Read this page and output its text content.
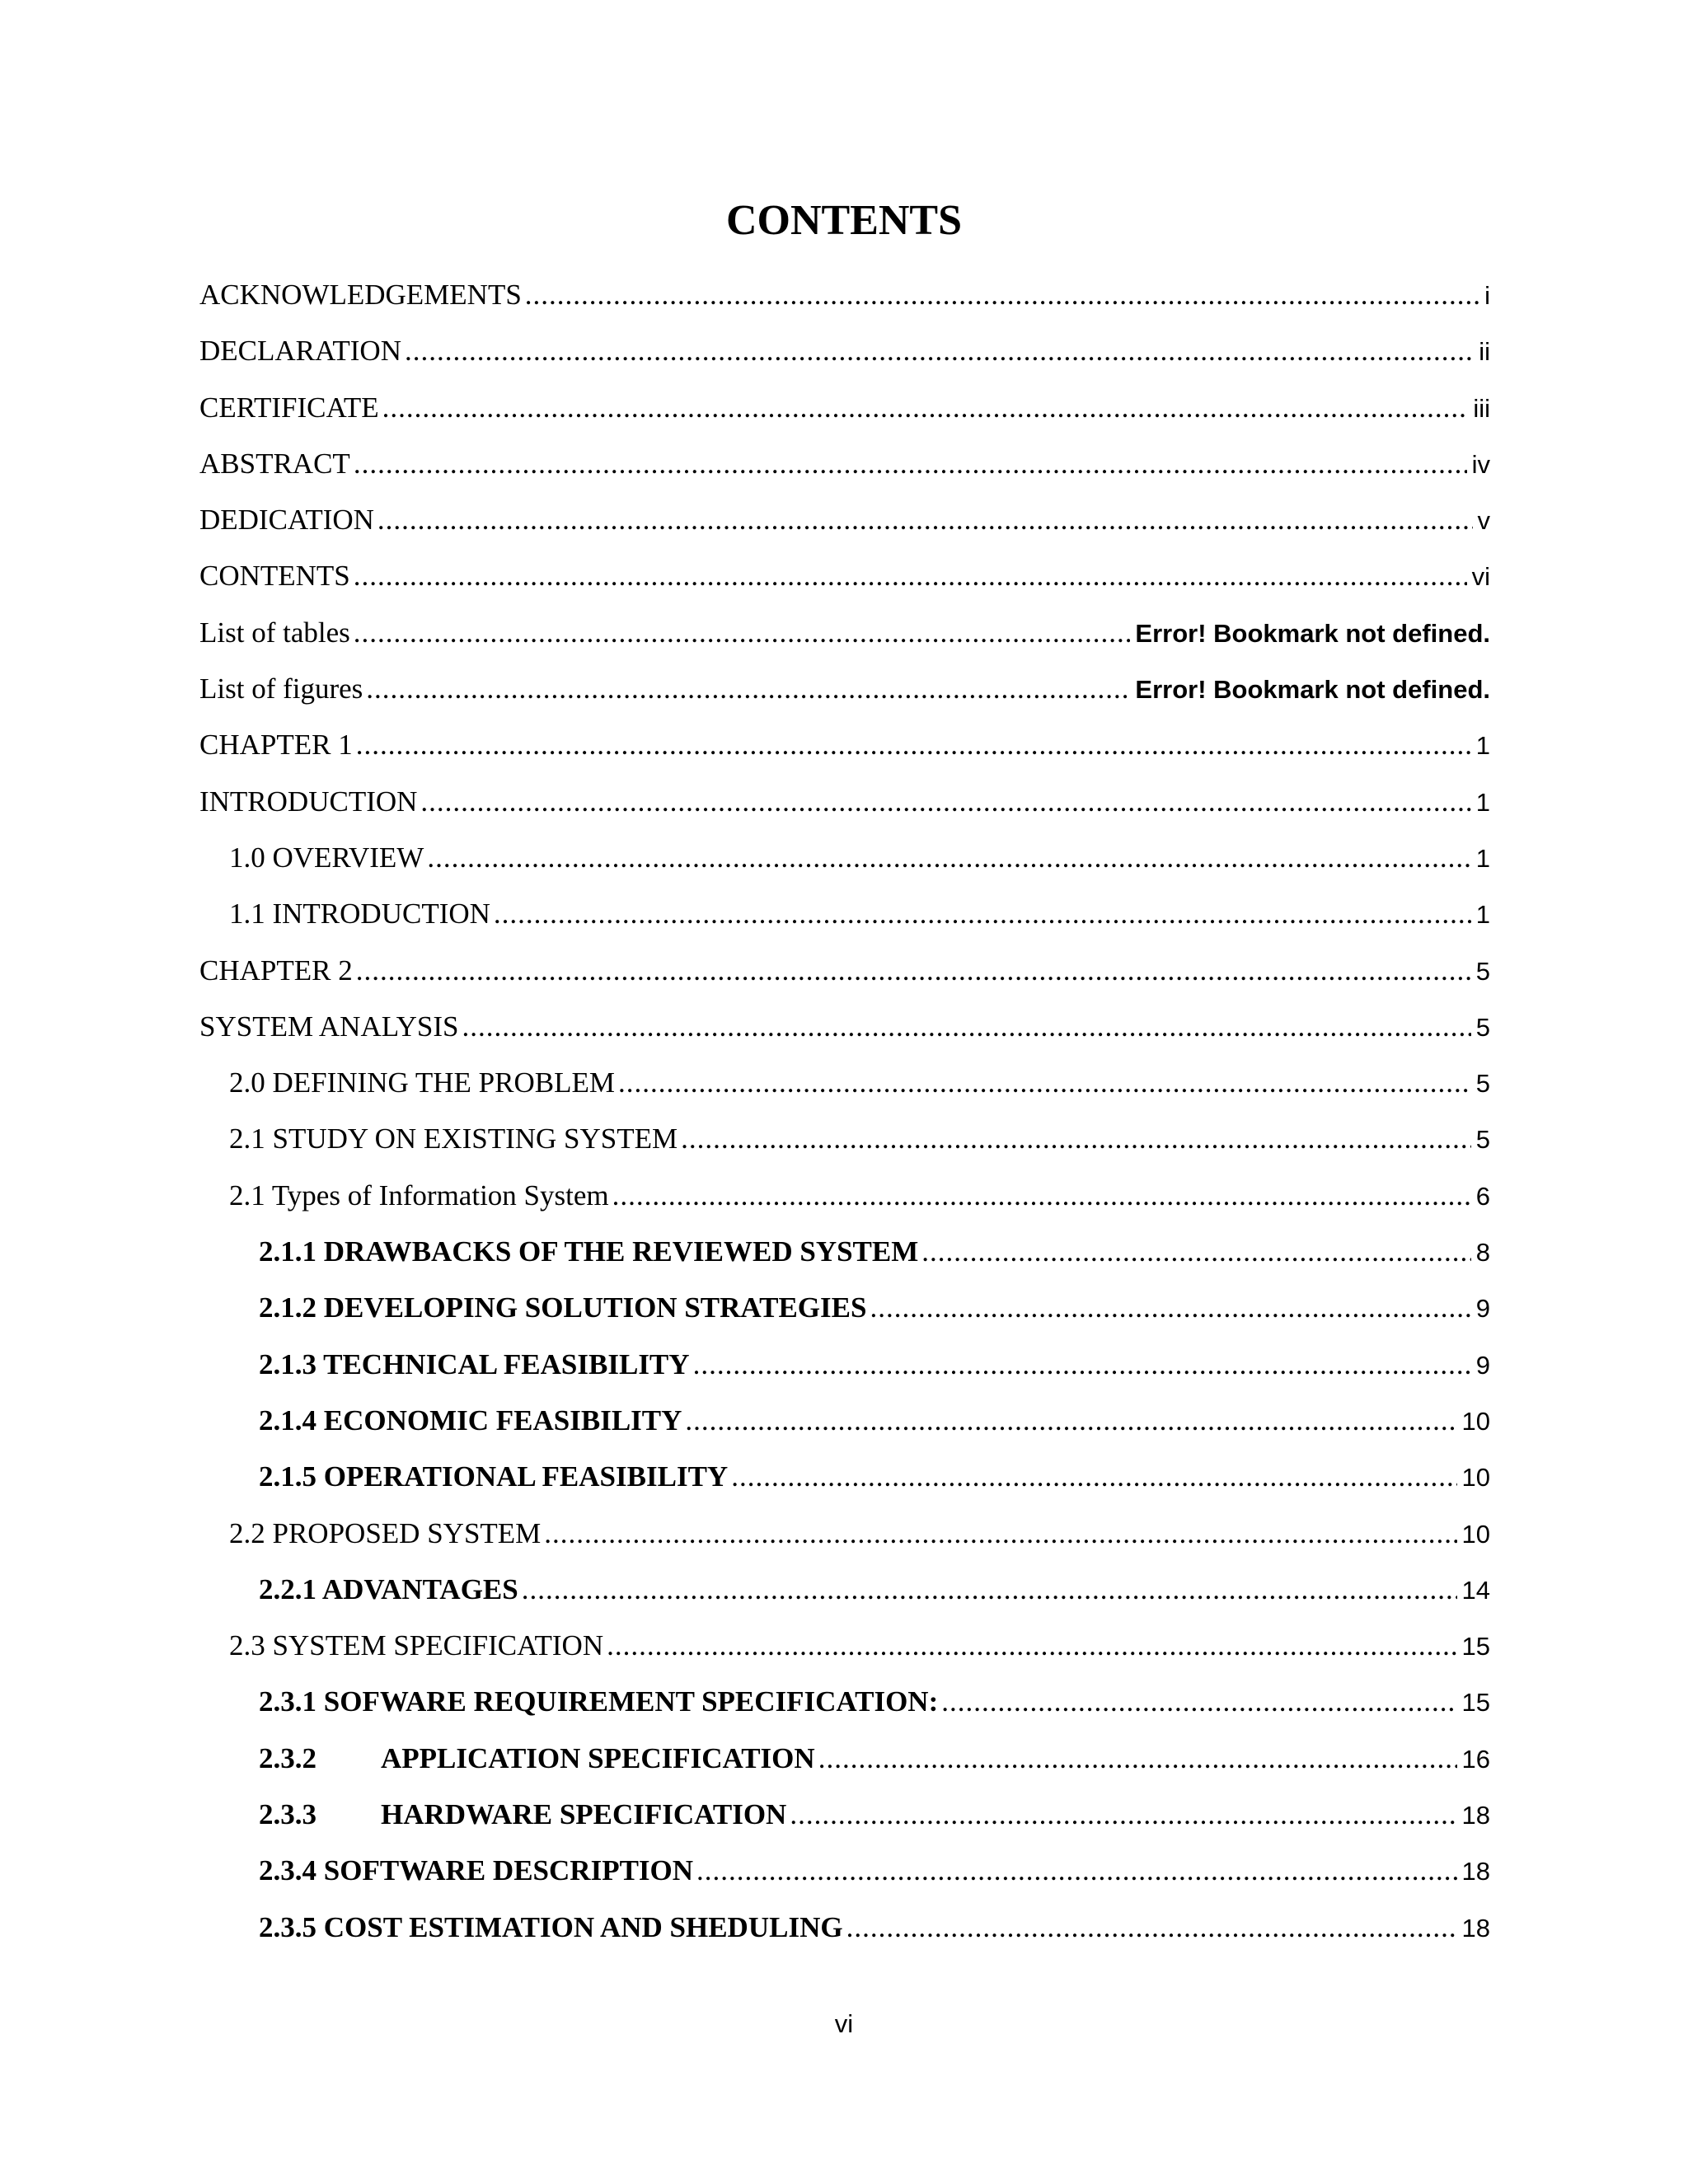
CONTENTS
ACKNOWLEDGEMENTS .....	i
DECLARATION .....	ii
CERTIFICATE .....	iii
ABSTRACT .....	iv
DEDICATION .....	v
CONTENTS .....	vi
List of tables .....	Error! Bookmark not defined.
List of figures .....	Error! Bookmark not defined.
CHAPTER 1 .....	1
INTRODUCTION .....	1
1.0 OVERVIEW .....	1
1.1 INTRODUCTION .....	1
CHAPTER 2 .....	5
SYSTEM ANALYSIS .....	5
2.0 DEFINING THE PROBLEM .....	5
2.1 STUDY ON EXISTING SYSTEM .....	5
2.1 Types of Information System .....	6
2.1.1 DRAWBACKS OF THE REVIEWED SYSTEM .....	8
2.1.2 DEVELOPING SOLUTION STRATEGIES .....	9
2.1.3 TECHNICAL FEASIBILITY .....	9
2.1.4 ECONOMIC FEASIBILITY .....	10
2.1.5 OPERATIONAL FEASIBILITY .....	10
2.2 PROPOSED SYSTEM .....	10
2.2.1 ADVANTAGES .....	14
2.3 SYSTEM SPECIFICATION .....	15
2.3.1 SOFWARE REQUIREMENT SPECIFICATION: .....	15
2.3.2 APPLICATION SPECIFICATION .....	16
2.3.3 HARDWARE SPECIFICATION .....	18
2.3.4 SOFTWARE DESCRIPTION .....	18
2.3.5 COST ESTIMATION AND SHEDULING .....	18
vi
